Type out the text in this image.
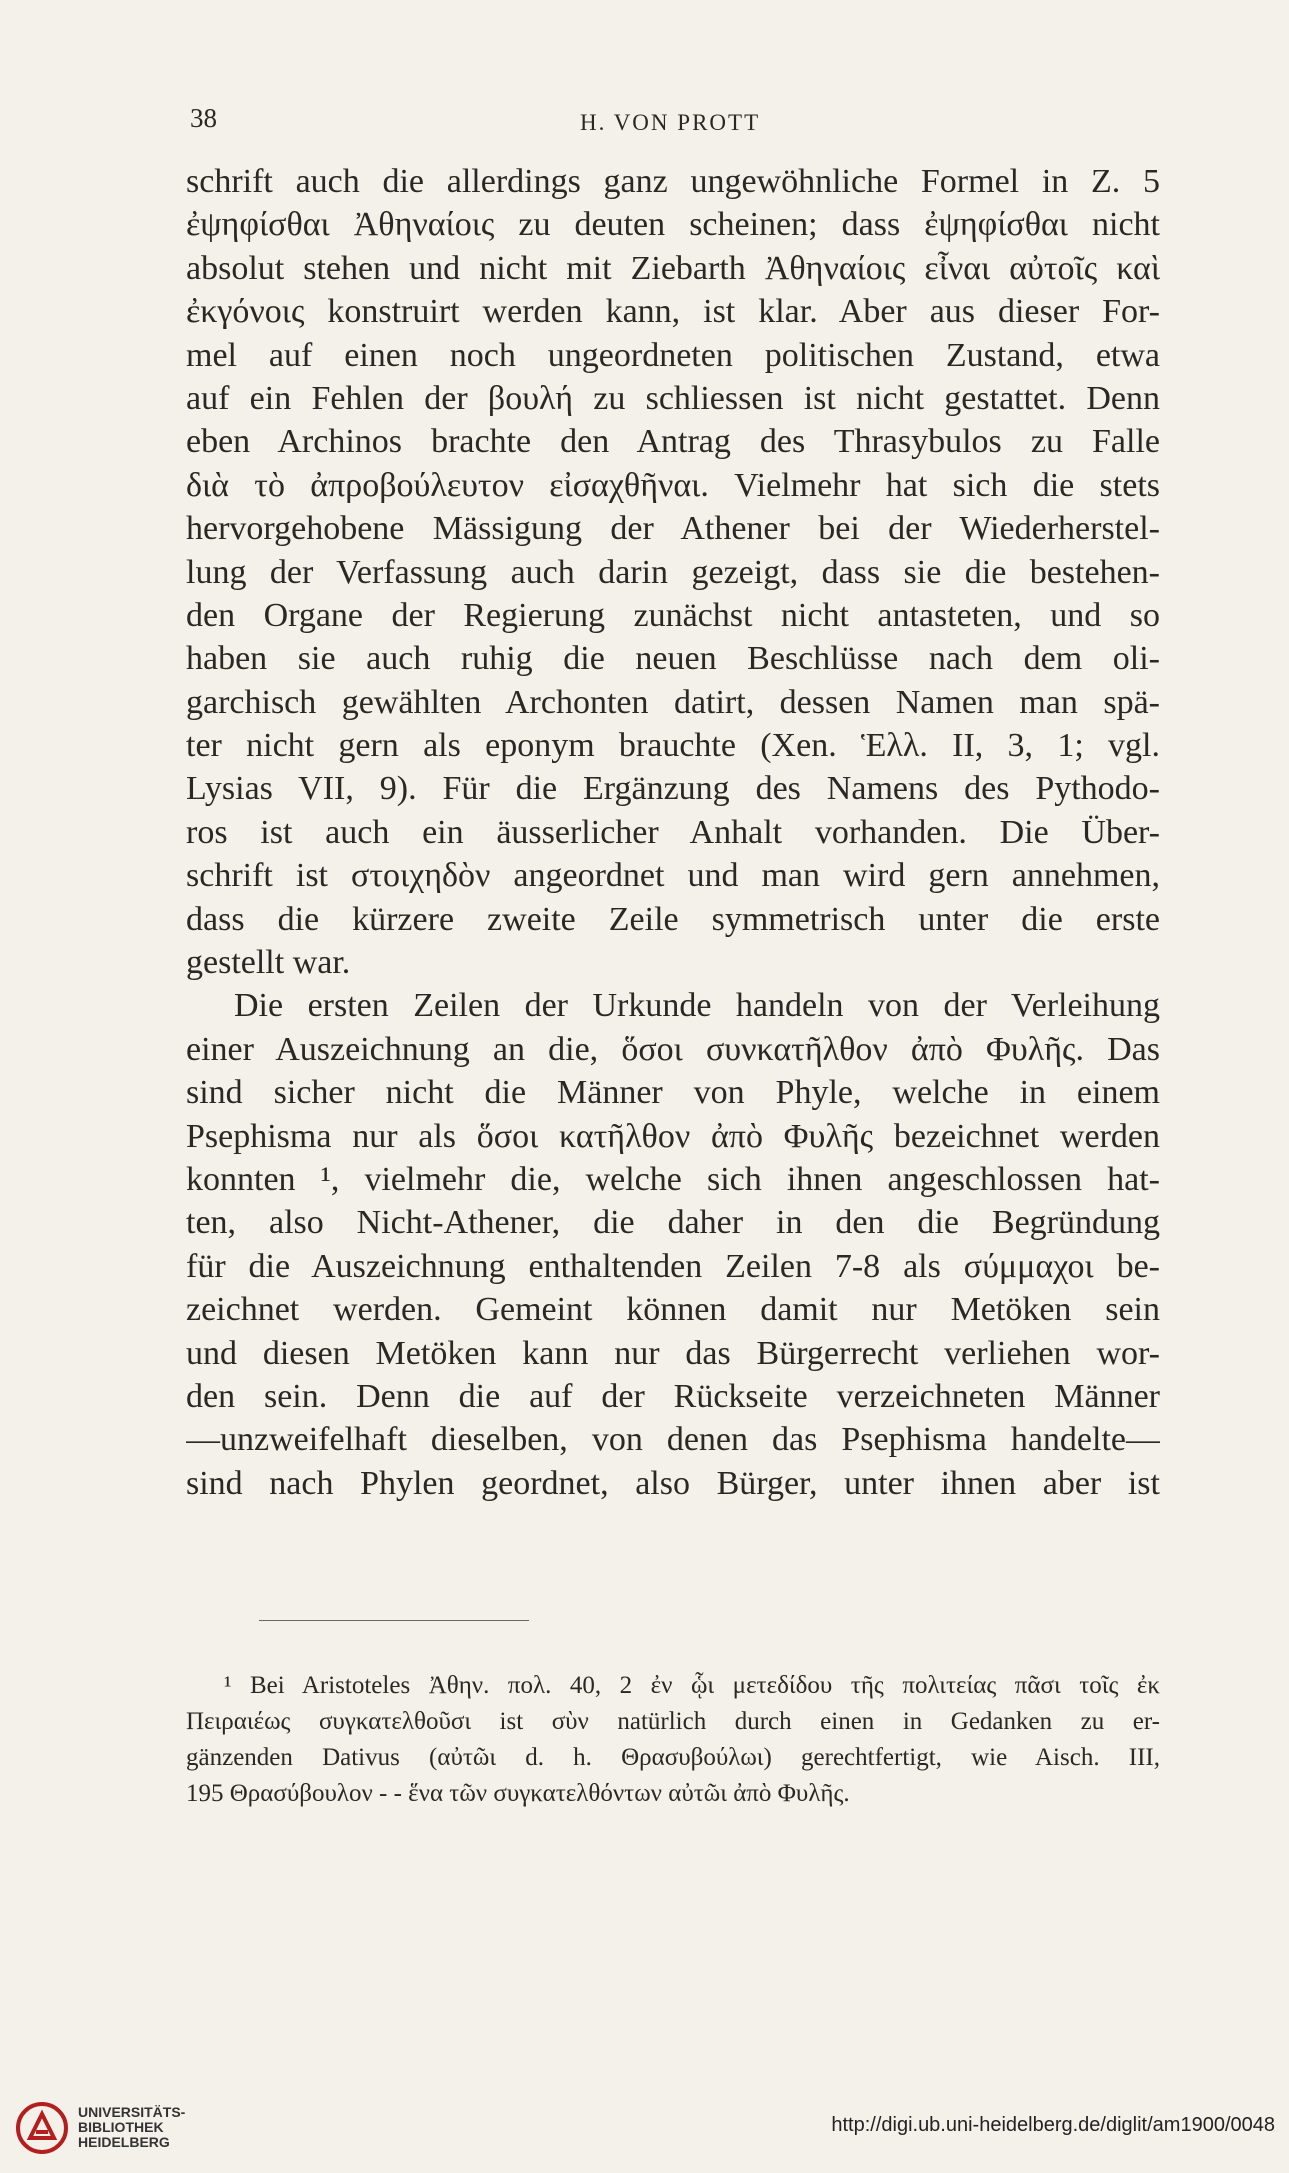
38	H. VON PROTT
schrift auch die allerdings ganz ungewöhnliche Formel in Z. 5
ἐψηφίσθαι Ἀθηναίοις zu deuten scheinen; dass ἐψηφίσθαι nicht
absolut stehen und nicht mit Ziebarth Ἀθηναίοις εἶναι αὐτοῖς καὶ
ἐκγόνοις konstruirt werden kann, ist klar. Aber aus dieser For-
mel auf einen noch ungeordneten politischen Zustand, etwa
auf ein Fehlen der βουλή zu schliessen ist nicht gestattet. Denn
eben Archinos brachte den Antrag des Thrasybulos zu Falle
διὰ τὸ ἀπροβούλευτον εἰσαχθῆναι. Vielmehr hat sich die stets
hervorgehobene Mässigung der Athener bei der Wiederherstel-
lung der Verfassung auch darin gezeigt, dass sie die bestehen-
den Organe der Regierung zunächst nicht antasteten, und so
haben sie auch ruhig die neuen Beschlüsse nach dem oli-
garchisch gewählten Archonten datirt, dessen Namen man spä-
ter nicht gern als eponym brauchte (Xen. Ἑλλ. II, 3, 1; vgl.
Lysias VII, 9). Für die Ergänzung des Namens des Pythodo-
ros ist auch ein äusserlicher Anhalt vorhanden. Die Über-
schrift ist στοιχηδὸν angeordnet und man wird gern annehmen,
dass die kürzere zweite Zeile symmetrisch unter die erste
gestellt war.
Die ersten Zeilen der Urkunde handeln von der Verleihung
einer Auszeichnung an die, ὅσοι συνκατῆλθον ἀπὸ Φυλῆς. Das
sind sicher nicht die Männer von Phyle, welche in einem
Psephisma nur als ὅσοι κατῆλθον ἀπὸ Φυλῆς bezeichnet werden
konnten ¹, vielmehr die, welche sich ihnen angeschlossen hat-
ten, also Nicht-Athener, die daher in den die Begründung
für die Auszeichnung enthaltenden Zeilen 7-8 als σύμμαχοι be-
zeichnet werden. Gemeint können damit nur Metöken sein
und diesen Metöken kann nur das Bürgerrecht verliehen wor-
den sein. Denn die auf der Rückseite verzeichneten Männer
—unzweifelhaft dieselben, von denen das Psephisma handelte—
sind nach Phylen geordnet, also Bürger, unter ihnen aber ist
¹ Bei Aristoteles Ἀθην. πολ. 40, 2 ἐν ᾧι μετεδίδου τῆς πολιτείας πᾶσι τοῖς ἐκ
Πειραιέως συγκατελθοῦσι ist σὺν natürlich durch einen in Gedanken zu er-
gänzenden Dativus (αὐτῶι d. h. Θρασυβούλωι) gerechtfertigt, wie Aisch. III,
195 Θρασύβουλον - - ἕνα τῶν συγκατελθόντων αὐτῶι ἀπὸ Φυλῆς.
UNIVERSITÄTS-
BIBLIOTHEK
HEIDELBERG
http://digi.ub.uni-heidelberg.de/diglit/am1900/0048
